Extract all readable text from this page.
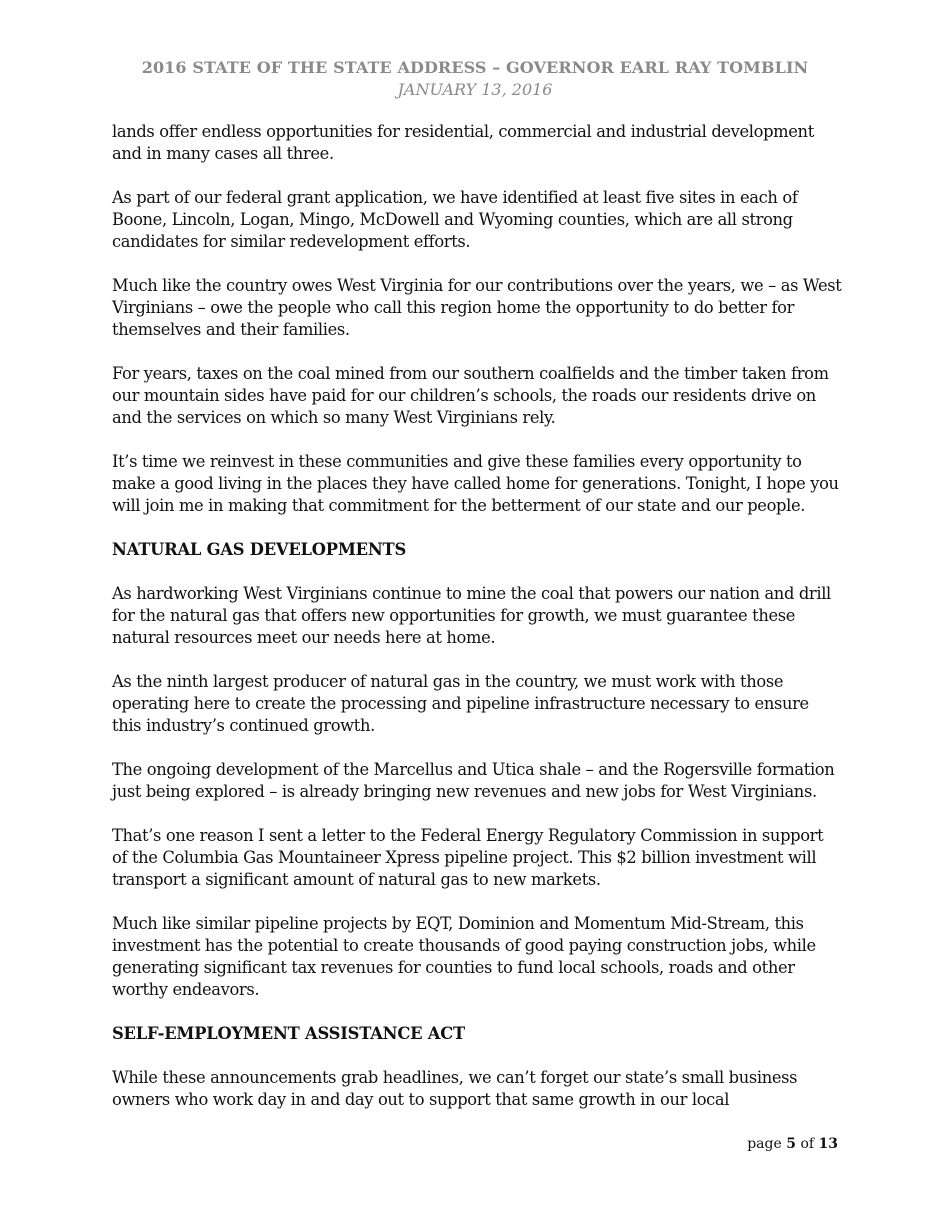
2016 STATE OF THE STATE ADDRESS – GOVERNOR EARL RAY TOMBLIN
JANUARY 13, 2016

lands offer endless opportunities for residential, commercial and industrial development and in many cases all three.

As part of our federal grant application, we have identified at least five sites in each of Boone, Lincoln, Logan, Mingo, McDowell and Wyoming counties, which are all strong candidates for similar redevelopment efforts.

Much like the country owes West Virginia for our contributions over the years, we – as West Virginians – owe the people who call this region home the opportunity to do better for themselves and their families.

For years, taxes on the coal mined from our southern coalfields and the timber taken from our mountain sides have paid for our children’s schools, the roads our residents drive on and the services on which so many West Virginians rely.

It’s time we reinvest in these communities and give these families every opportunity to make a good living in the places they have called home for generations. Tonight, I hope you will join me in making that commitment for the betterment of our state and our people.

NATURAL GAS DEVELOPMENTS

As hardworking West Virginians continue to mine the coal that powers our nation and drill for the natural gas that offers new opportunities for growth, we must guarantee these natural resources meet our needs here at home.

As the ninth largest producer of natural gas in the country, we must work with those operating here to create the processing and pipeline infrastructure necessary to ensure this industry’s continued growth.

The ongoing development of the Marcellus and Utica shale – and the Rogersville formation just being explored – is already bringing new revenues and new jobs for West Virginians.

That’s one reason I sent a letter to the Federal Energy Regulatory Commission in support of the Columbia Gas Mountaineer Xpress pipeline project. This $2 billion investment will transport a significant amount of natural gas to new markets.

Much like similar pipeline projects by EQT, Dominion and Momentum Mid-Stream, this investment has the potential to create thousands of good paying construction jobs, while generating significant tax revenues for counties to fund local schools, roads and other worthy endeavors.

SELF-EMPLOYMENT ASSISTANCE ACT

While these announcements grab headlines, we can’t forget our state’s small business owners who work day in and day out to support that same growth in our local

page 5 of 13
